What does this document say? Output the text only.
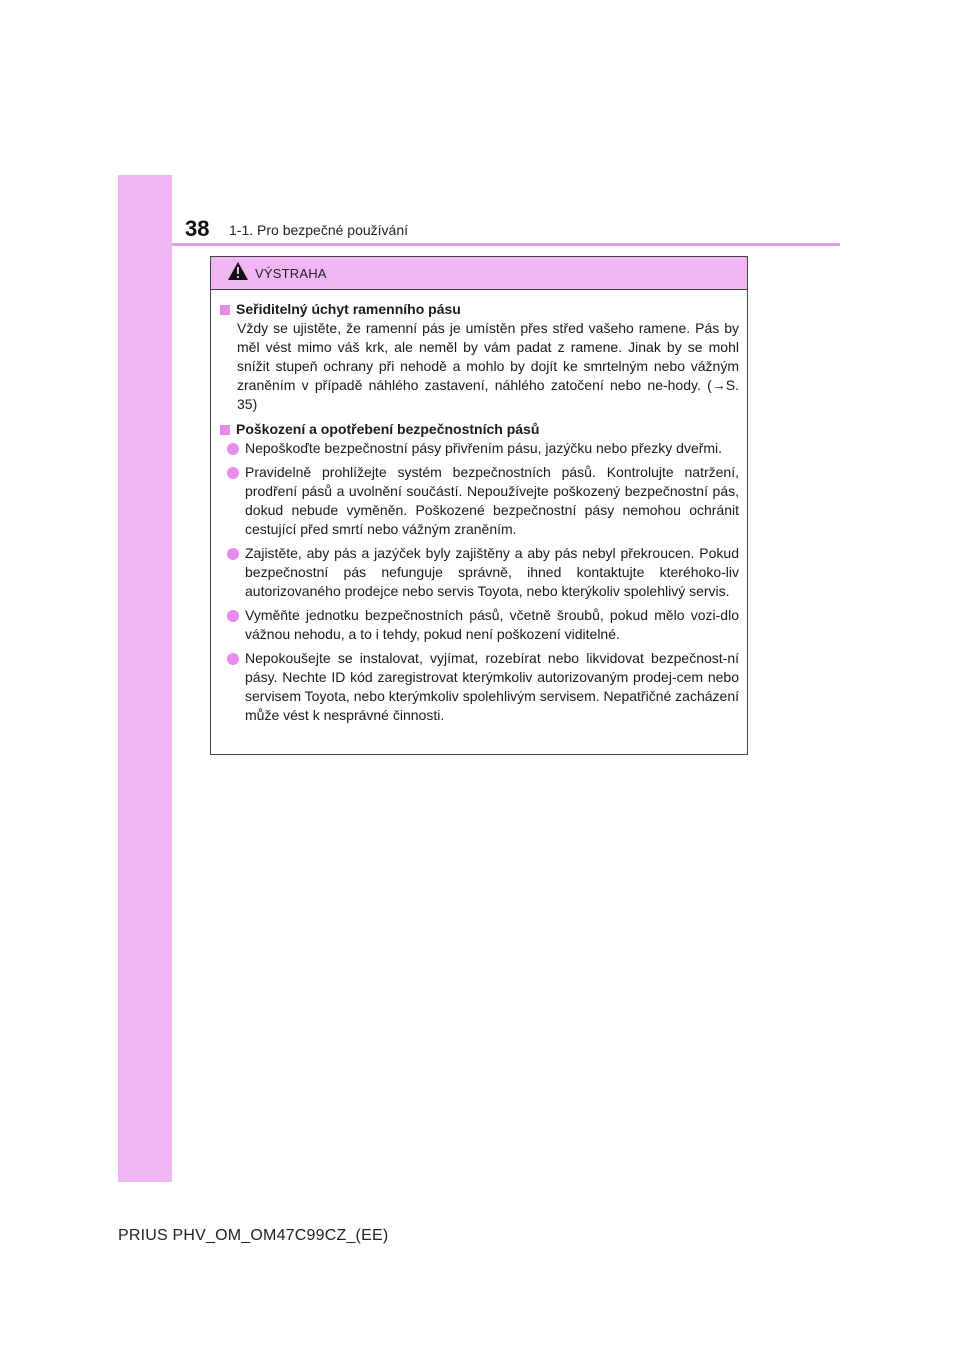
38 1-1. Pro bezpečné používání
VÝSTRAHA
Seřiditelný úchyt ramenního pásu
Vždy se ujistěte, že ramenní pás je umístěn přes střed vašeho ramene. Pás by měl vést mimo váš krk, ale neměl by vám padat z ramene. Jinak by se mohl snížit stupeň ochrany při nehodě a mohlo by dojít ke smrtelným nebo vážným zraněním v případě náhlého zastavení, náhlého zatočení nebo ne-hody. (→S. 35)
Poškození a opotřebení bezpečnostních pásů
Nepoškoďte bezpečnostní pásy přivřením pásu, jazýčku nebo přezky dveřmi.
Pravidelně prohlížejte systém bezpečnostních pásů. Kontrolujte natržení, prodření pásů a uvolnění součástí. Nepoužívejte poškozený bezpečnostní pás, dokud nebude vyměněn. Poškozené bezpečnostní pásy nemohou ochránit cestující před smrtí nebo vážným zraněním.
Zajistěte, aby pás a jazýček byly zajištěny a aby pás nebyl překroucen. Pokud bezpečnostní pás nefunguje správně, ihned kontaktujte kteréhoko-liv autorizovaného prodejce nebo servis Toyota, nebo kterýkoliv spolehlivý servis.
Vyměňte jednotku bezpečnostních pásů, včetně šroubů, pokud mělo vozi-dlo vážnou nehodu, a to i tehdy, pokud není poškození viditelné.
Nepokoušejte se instalovat, vyjímat, rozebírat nebo likvidovat bezpečnost-ní pásy. Nechte ID kód zaregistrovat kterýmkoliv autorizovaným prodej-cem nebo servisem Toyota, nebo kterýmkoliv spolehlivým servisem. Nepatřičné zacházení může vést k nesprávné činnosti.
PRIUS PHV_OM_OM47C99CZ_(EE)
